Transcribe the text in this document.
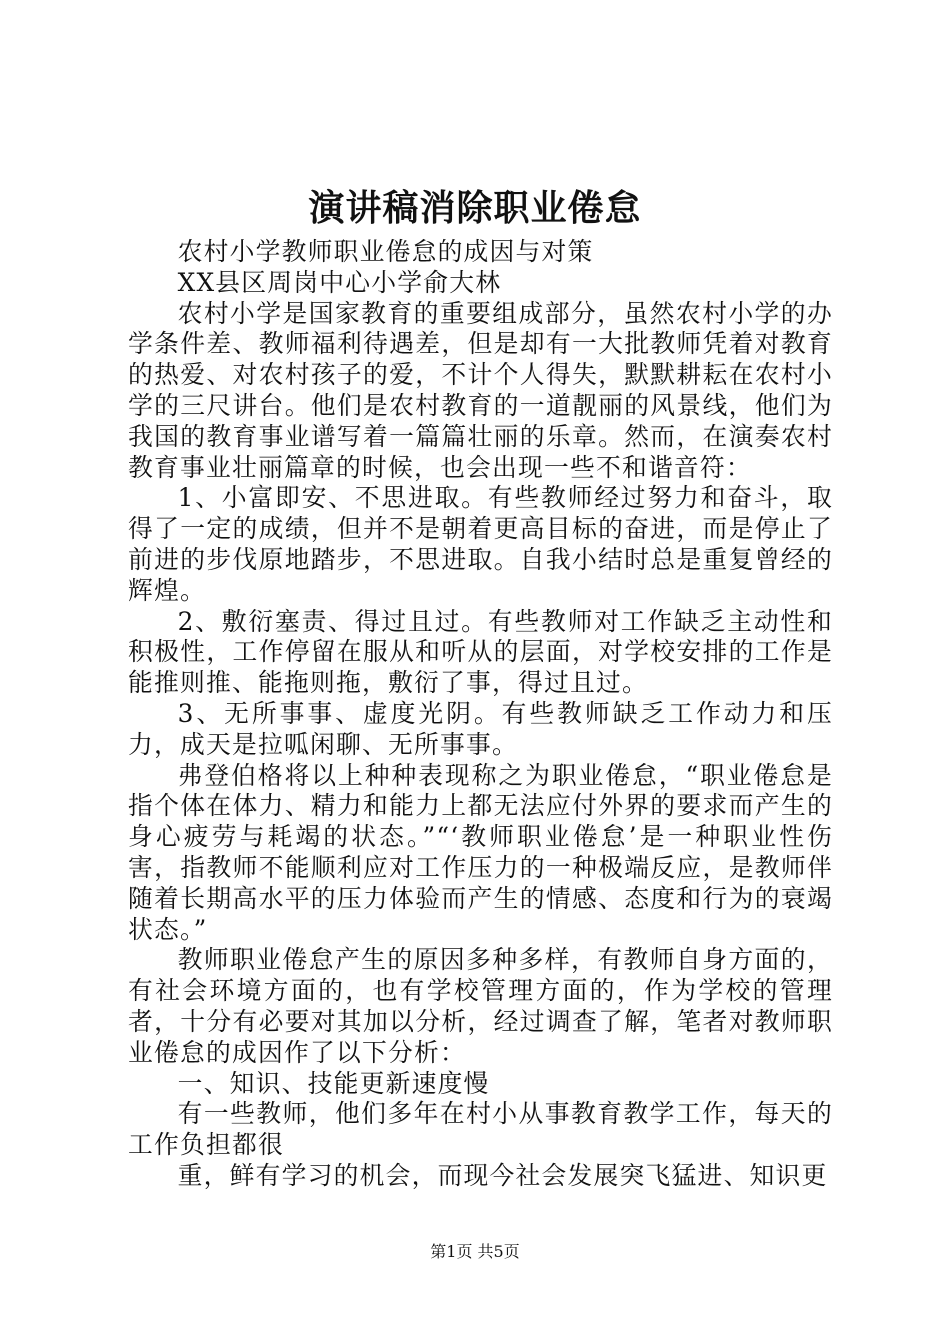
演讲稿消除职业倦怠

农村小学教师职业倦怠的成因与对策

XX县区周岗中心小学俞大林

农村小学是国家教育的重要组成部分，虽然农村小学的办学条件差、教师福利待遇差，但是却有一大批教师凭着对教育的热爱、对农村孩子的爱，不计个人得失，默默耕耘在农村小学的三尺讲台。他们是农村教育的一道靓丽的风景线，他们为我国的教育事业谱写着一篇篇壮丽的乐章。然而，在演奏农村教育事业壮丽篇章的时候，也会出现一些不和谐音符：

1、小富即安、不思进取。有些教师经过努力和奋斗，取得了一定的成绩，但并不是朝着更高目标的奋进，而是停止了前进的步伐原地踏步，不思进取。自我小结时总是重复曾经的辉煌。

2、敷衍塞责、得过且过。有些教师对工作缺乏主动性和积极性，工作停留在服从和听从的层面，对学校安排的工作是能推则推、能拖则拖，敷衍了事，得过且过。

3、无所事事、虚度光阴。有些教师缺乏工作动力和压力，成天是拉呱闲聊、无所事事。

弗登伯格将以上种种表现称之为职业倦怠，“职业倦怠是指个体在体力、精力和能力上都无法应付外界的要求而产生的身心疲劳与耗竭的状态。”“‘教师职业倦怠’是一种职业性伤害，指教师不能顺利应对工作压力的一种极端反应，是教师伴随着长期高水平的压力体验而产生的情感、态度和行为的衰竭状态。”

教师职业倦怠产生的原因多种多样，有教师自身方面的，有社会环境方面的，也有学校管理方面的，作为学校的管理者，十分有必要对其加以分析，经过调查了解，笔者对教师职业倦怠的成因作了以下分析：

一、知识、技能更新速度慢

有一些教师，他们多年在村小从事教育教学工作，每天的工作负担都很

重，鲜有学习的机会，而现今社会发展突飞猛进、知识更

第1页 共5页
